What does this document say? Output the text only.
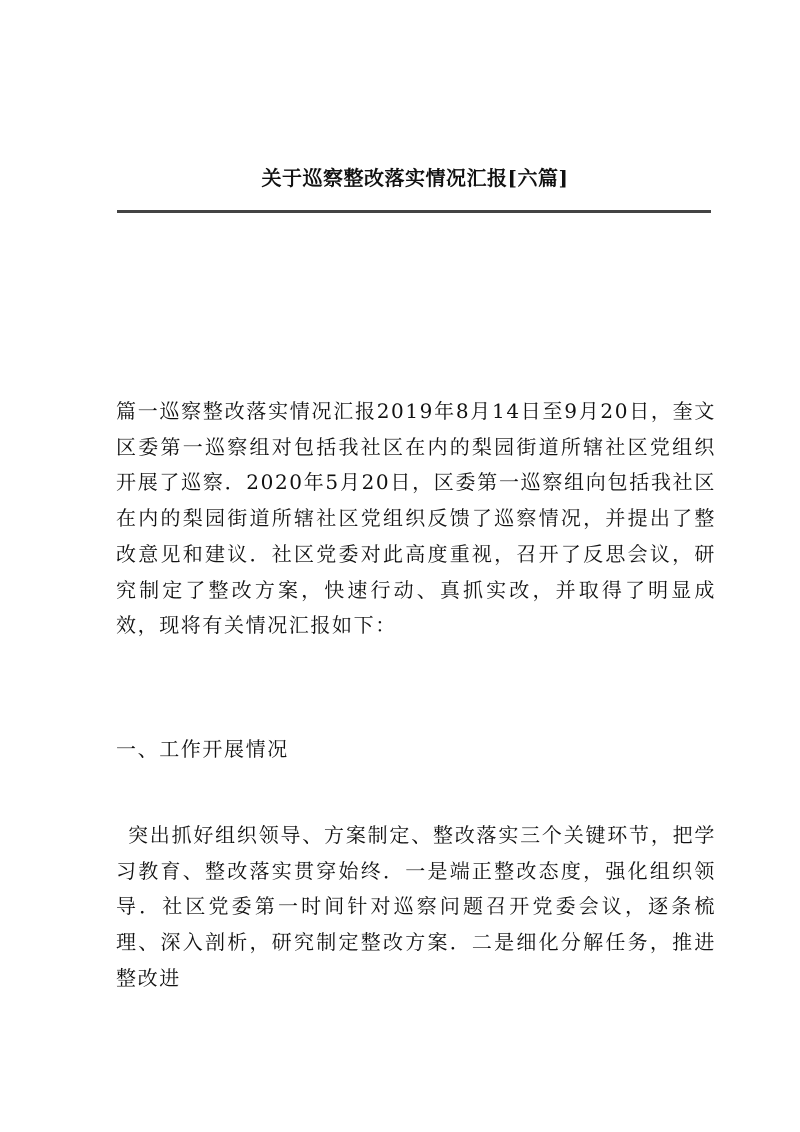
关于巡察整改落实情况汇报[六篇]

篇一巡察整改落实情况汇报2019年8月14日至9月20日，奎文区委第一巡察组对包括我社区在内的梨园街道所辖社区党组织开展了巡察．2020年5月20日，区委第一巡察组向包括我社区在内的梨园街道所辖社区党组织反馈了巡察情况，并提出了整改意见和建议．社区党委对此高度重视，召开了反思会议，研究制定了整改方案，快速行动、真抓实改，并取得了明显成效，现将有关情况汇报如下：

一、工作开展情况

突出抓好组织领导、方案制定、整改落实三个关键环节，把学习教育、整改落实贯穿始终．一是端正整改态度，强化组织领导．社区党委第一时间针对巡察问题召开党委会议，逐条梳理、深入剖析，研究制定整改方案．二是细化分解任务，推进整改进
